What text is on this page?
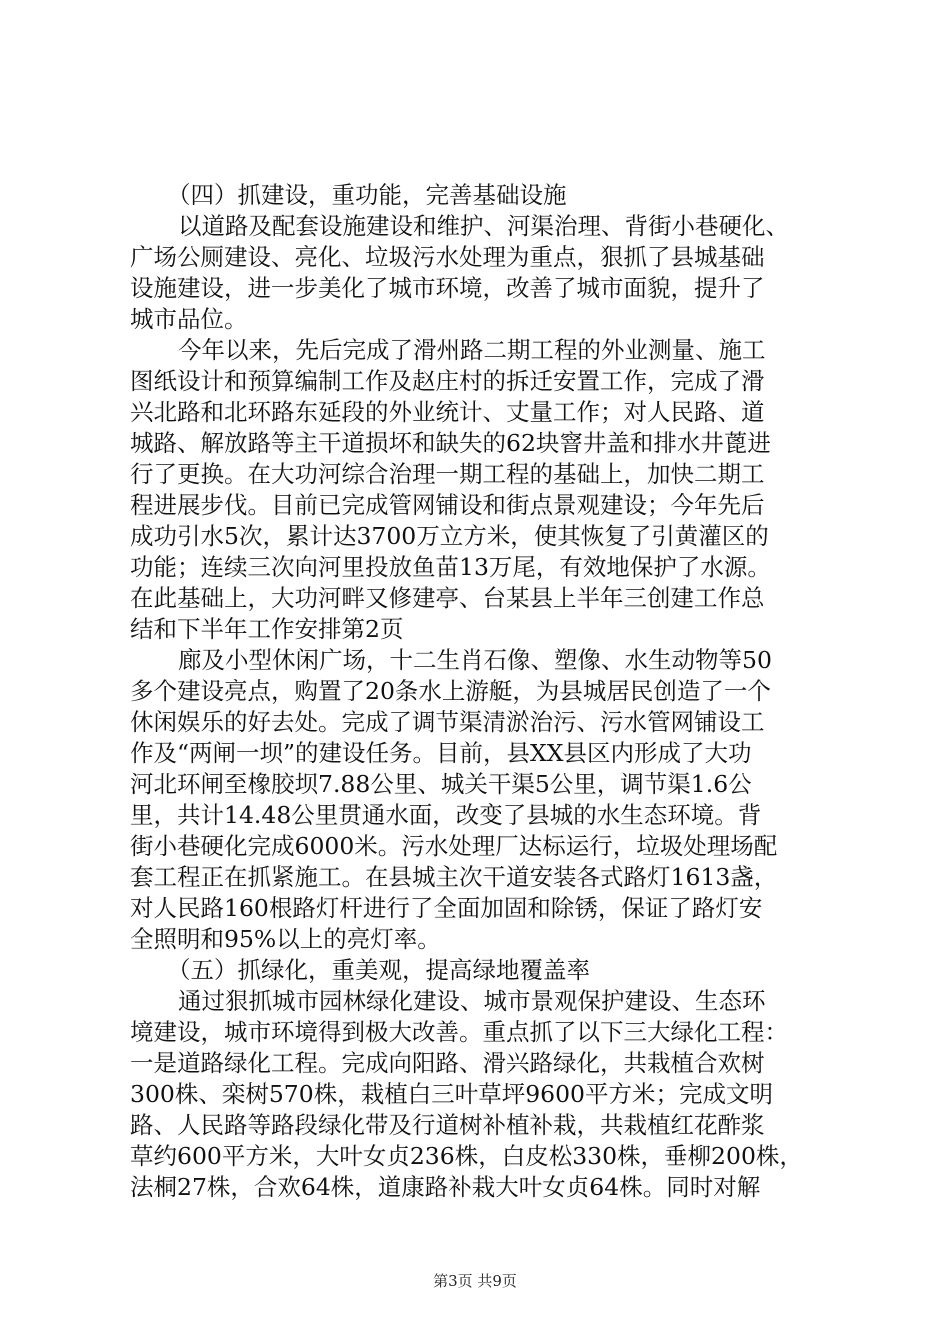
（四）抓建设，重功能，完善基础设施
以道路及配套设施建设和维护、河渠治理、背街小巷硬化、
广场公厕建设、亮化、垃圾污水处理为重点，狠抓了县城基础
设施建设，进一步美化了城市环境，改善了城市面貌，提升了
城市品位。
今年以来，先后完成了滑州路二期工程的外业测量、施工
图纸设计和预算编制工作及赵庄村的拆迁安置工作，完成了滑
兴北路和北环路东延段的外业统计、丈量工作；对人民路、道
城路、解放路等主干道损坏和缺失的62块窨井盖和排水井蓖进
行了更换。在大功河综合治理一期工程的基础上，加快二期工
程进展步伐。目前已完成管网铺设和街点景观建设；今年先后
成功引水5次，累计达3700万立方米，使其恢复了引黄灌区的
功能；连续三次向河里投放鱼苗13万尾，有效地保护了水源。
在此基础上，大功河畔又修建亭、台某县上半年三创建工作总
结和下半年工作安排第2页
廊及小型休闲广场，十二生肖石像、塑像、水生动物等50
多个建设亮点，购置了20条水上游艇，为县城居民创造了一个
休闲娱乐的好去处。完成了调节渠清淤治污、污水管网铺设工
作及“两闸一坝”的建设任务。目前，县XX县区内形成了大功
河北环闸至橡胶坝7.88公里、城关干渠5公里，调节渠1.6公
里，共计14.48公里贯通水面，改变了县城的水生态环境。背
街小巷硬化完成6000米。污水处理厂达标运行，垃圾处理场配
套工程正在抓紧施工。在县城主次干道安装各式路灯1613盏，
对人民路160根路灯杆进行了全面加固和除锈，保证了路灯安
全照明和95%以上的亮灯率。
（五）抓绿化，重美观，提高绿地覆盖率
通过狠抓城市园林绿化建设、城市景观保护建设、生态环
境建设，城市环境得到极大改善。重点抓了以下三大绿化工程：
一是道路绿化工程。完成向阳路、滑兴路绿化，共栽植合欢树
300株、栾树570株，栽植白三叶草坪9600平方米；完成文明
路、人民路等路段绿化带及行道树补植补栽，共栽植红花酢浆
草约600平方米，大叶女贞236株，白皮松330株，垂柳200株，
法桐27株，合欢64株，道康路补栽大叶女贞64株。同时对解
第3页 共9页
